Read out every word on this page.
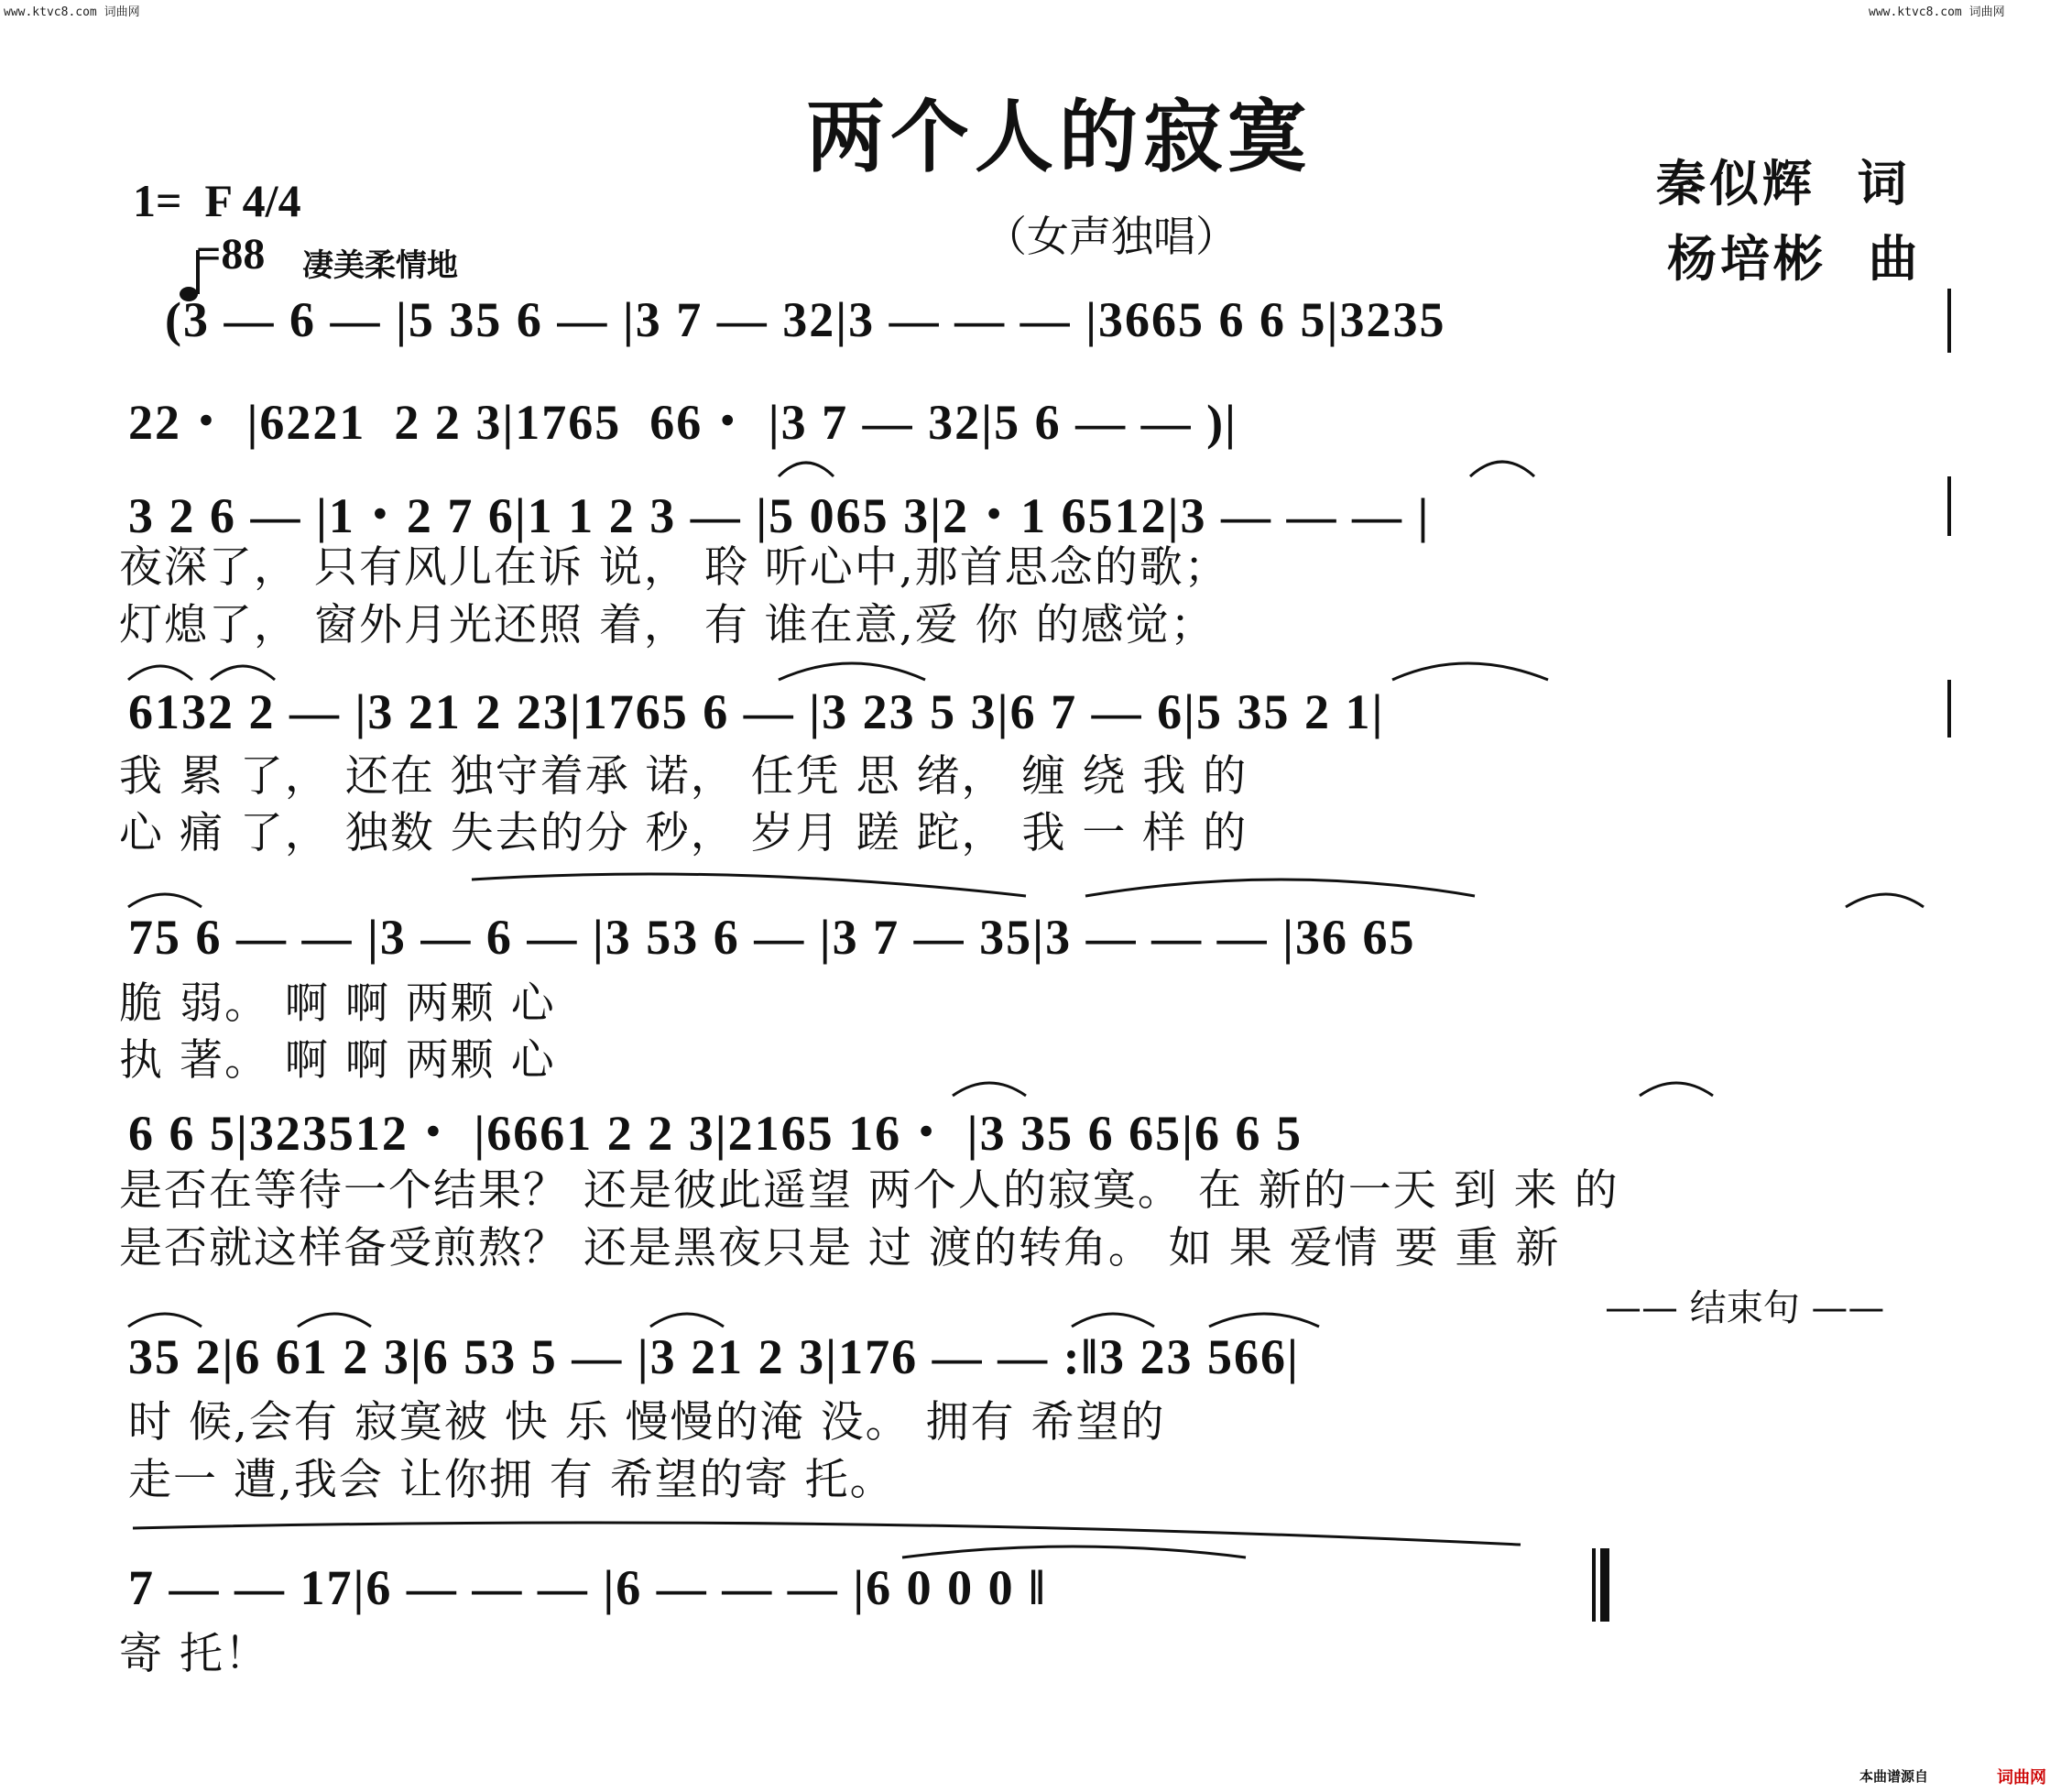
www.ktvc8.com 词曲网	www.ktvc8.com 词曲网
两个人的寂寞
（女声独唱）
秦似辉  词
杨培彬  曲
1=  F 4/4

=88 凄美柔情地
(3 — 6 — |5 35 6 — |3 7 — 32|3 — — — |3665 6 6 5|3235
22・ |6221  2 2 3|1765  66・ |3 7 — 32|5 6 — — )|
3 2 6 — |1・2 7 6|1 1 2 3 — |5 065 3|2・1 6512|3 — — — |
夜深了， 只有风儿在诉 说， 聆 听心中,那首思念的歌；
灯熄了， 窗外月光还照 着， 有 谁在意,爱 你 的感觉；
6132 2 — |3 21 2 23|1765 6 — |3 23 5 3|6 7 — 6|5 35 2 1|
我 累 了， 还在 独守着承 诺， 任凭 思 绪， 缠 绕 我 的
心 痛 了， 独数 失去的分 秒， 岁月 蹉 跎， 我 一 样 的
75 6 — — |3 — 6 — |3 53 6 — |3 7 — 35|3 — — — |36 65
脆 弱。 啊 啊 两颗 心
执 著。 啊 啊 两颗 心
6 6 5|323512・ |6661 2 2 3|2165 16・ |3 35 6 65|6 6 5
是否在等待一个结果？ 还是彼此遥望 两个人的寂寞。 在 新的一天 到 来 的
是否就这样备受煎熬？ 还是黑夜只是 过 渡的转角。 如 果 爱情 要 重 新
—— 结束句 ——
35 2|6 61 2 3|6 53 5 — |3 21 2 3|176 — — :‖3 23 566|
时 候,会有 寂寞被 快 乐 慢慢的淹 没。 拥有 希望的
走一 遭,我会 让你拥 有 希望的寄 托。
7 — — 17|6 — — — |6 — — — |6 0 0 0 ‖
寄 托！
本曲谱源自	词曲网
